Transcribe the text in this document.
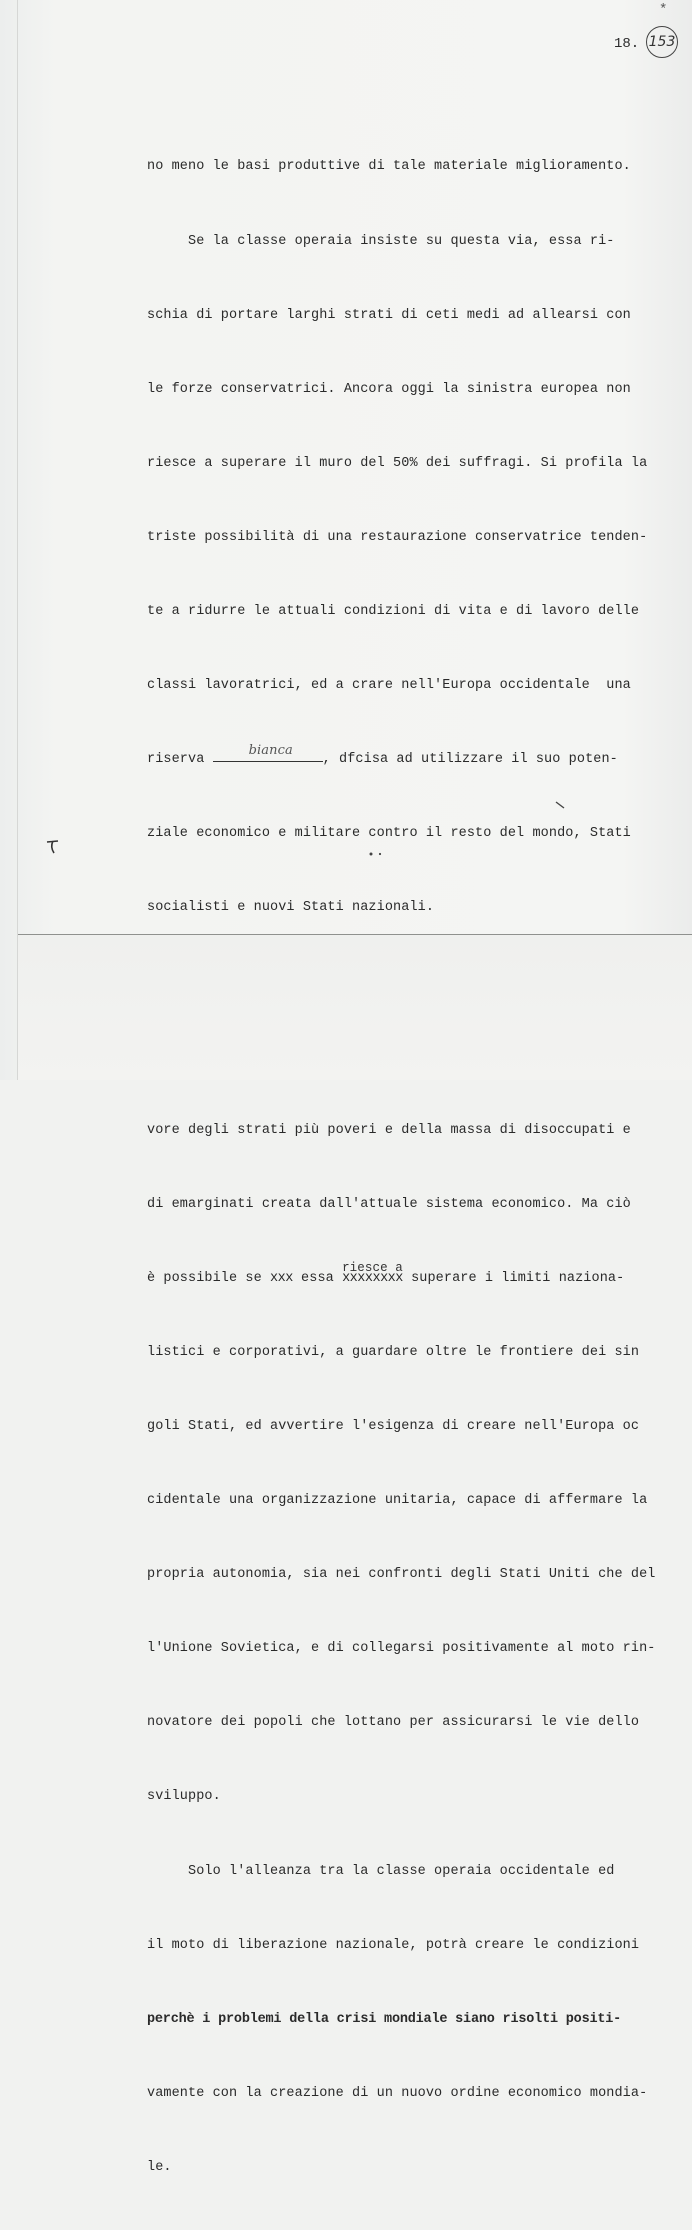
*
18. 153

no meno le basi produttive di tale materiale miglioramento.

Se la classe operaia insiste su questa via, essa ri-

schia di portare larghi strati di ceti medi ad allearsi con

le forze conservatrici. Ancora oggi la sinistra europea non

riesce a superare il muro del 50% dei suffragi. Si profila la

triste possibilità di una restaurazione conservatrice tenden-

te a ridurre le attuali condizioni di vita e di lavoro delle

classi lavoratrici, ed a crare nell'Europa occidentale  una

riserva
bianca
, dfcisa ad utilizzare il suo poten-

ziale economico e militare contro il resto del mondo, Stati

socialisti e nuovi Stati nazionali.

vore degli strati più poveri e della massa di disoccupati e

di emarginati creata dall'attuale sistema economico. Ma ciò

è possibile se xxx essa
riesce a
xxxxxxxx superare i limiti naziona-

listici e corporativi, a guardare oltre le frontiere dei sin

goli Stati, ed avvertire l'esigenza di creare nell'Europa oc

cidentale una organizzazione unitaria, capace di affermare la

propria autonomia, sia nei confronti degli Stati Uniti che del

l'Unione Sovietica, e di collegarsi positivamente al moto rin-

novatore dei popoli che lottano per assicurarsi le vie dello

sviluppo.

Solo l'alleanza tra la classe operaia occidentale ed

il moto di liberazione nazionale, potrà creare le condizioni

perchè i problemi della crisi mondiale siano risolti positi-

vamente con la creazione di un nuovo ordine economico mondia-

le.
